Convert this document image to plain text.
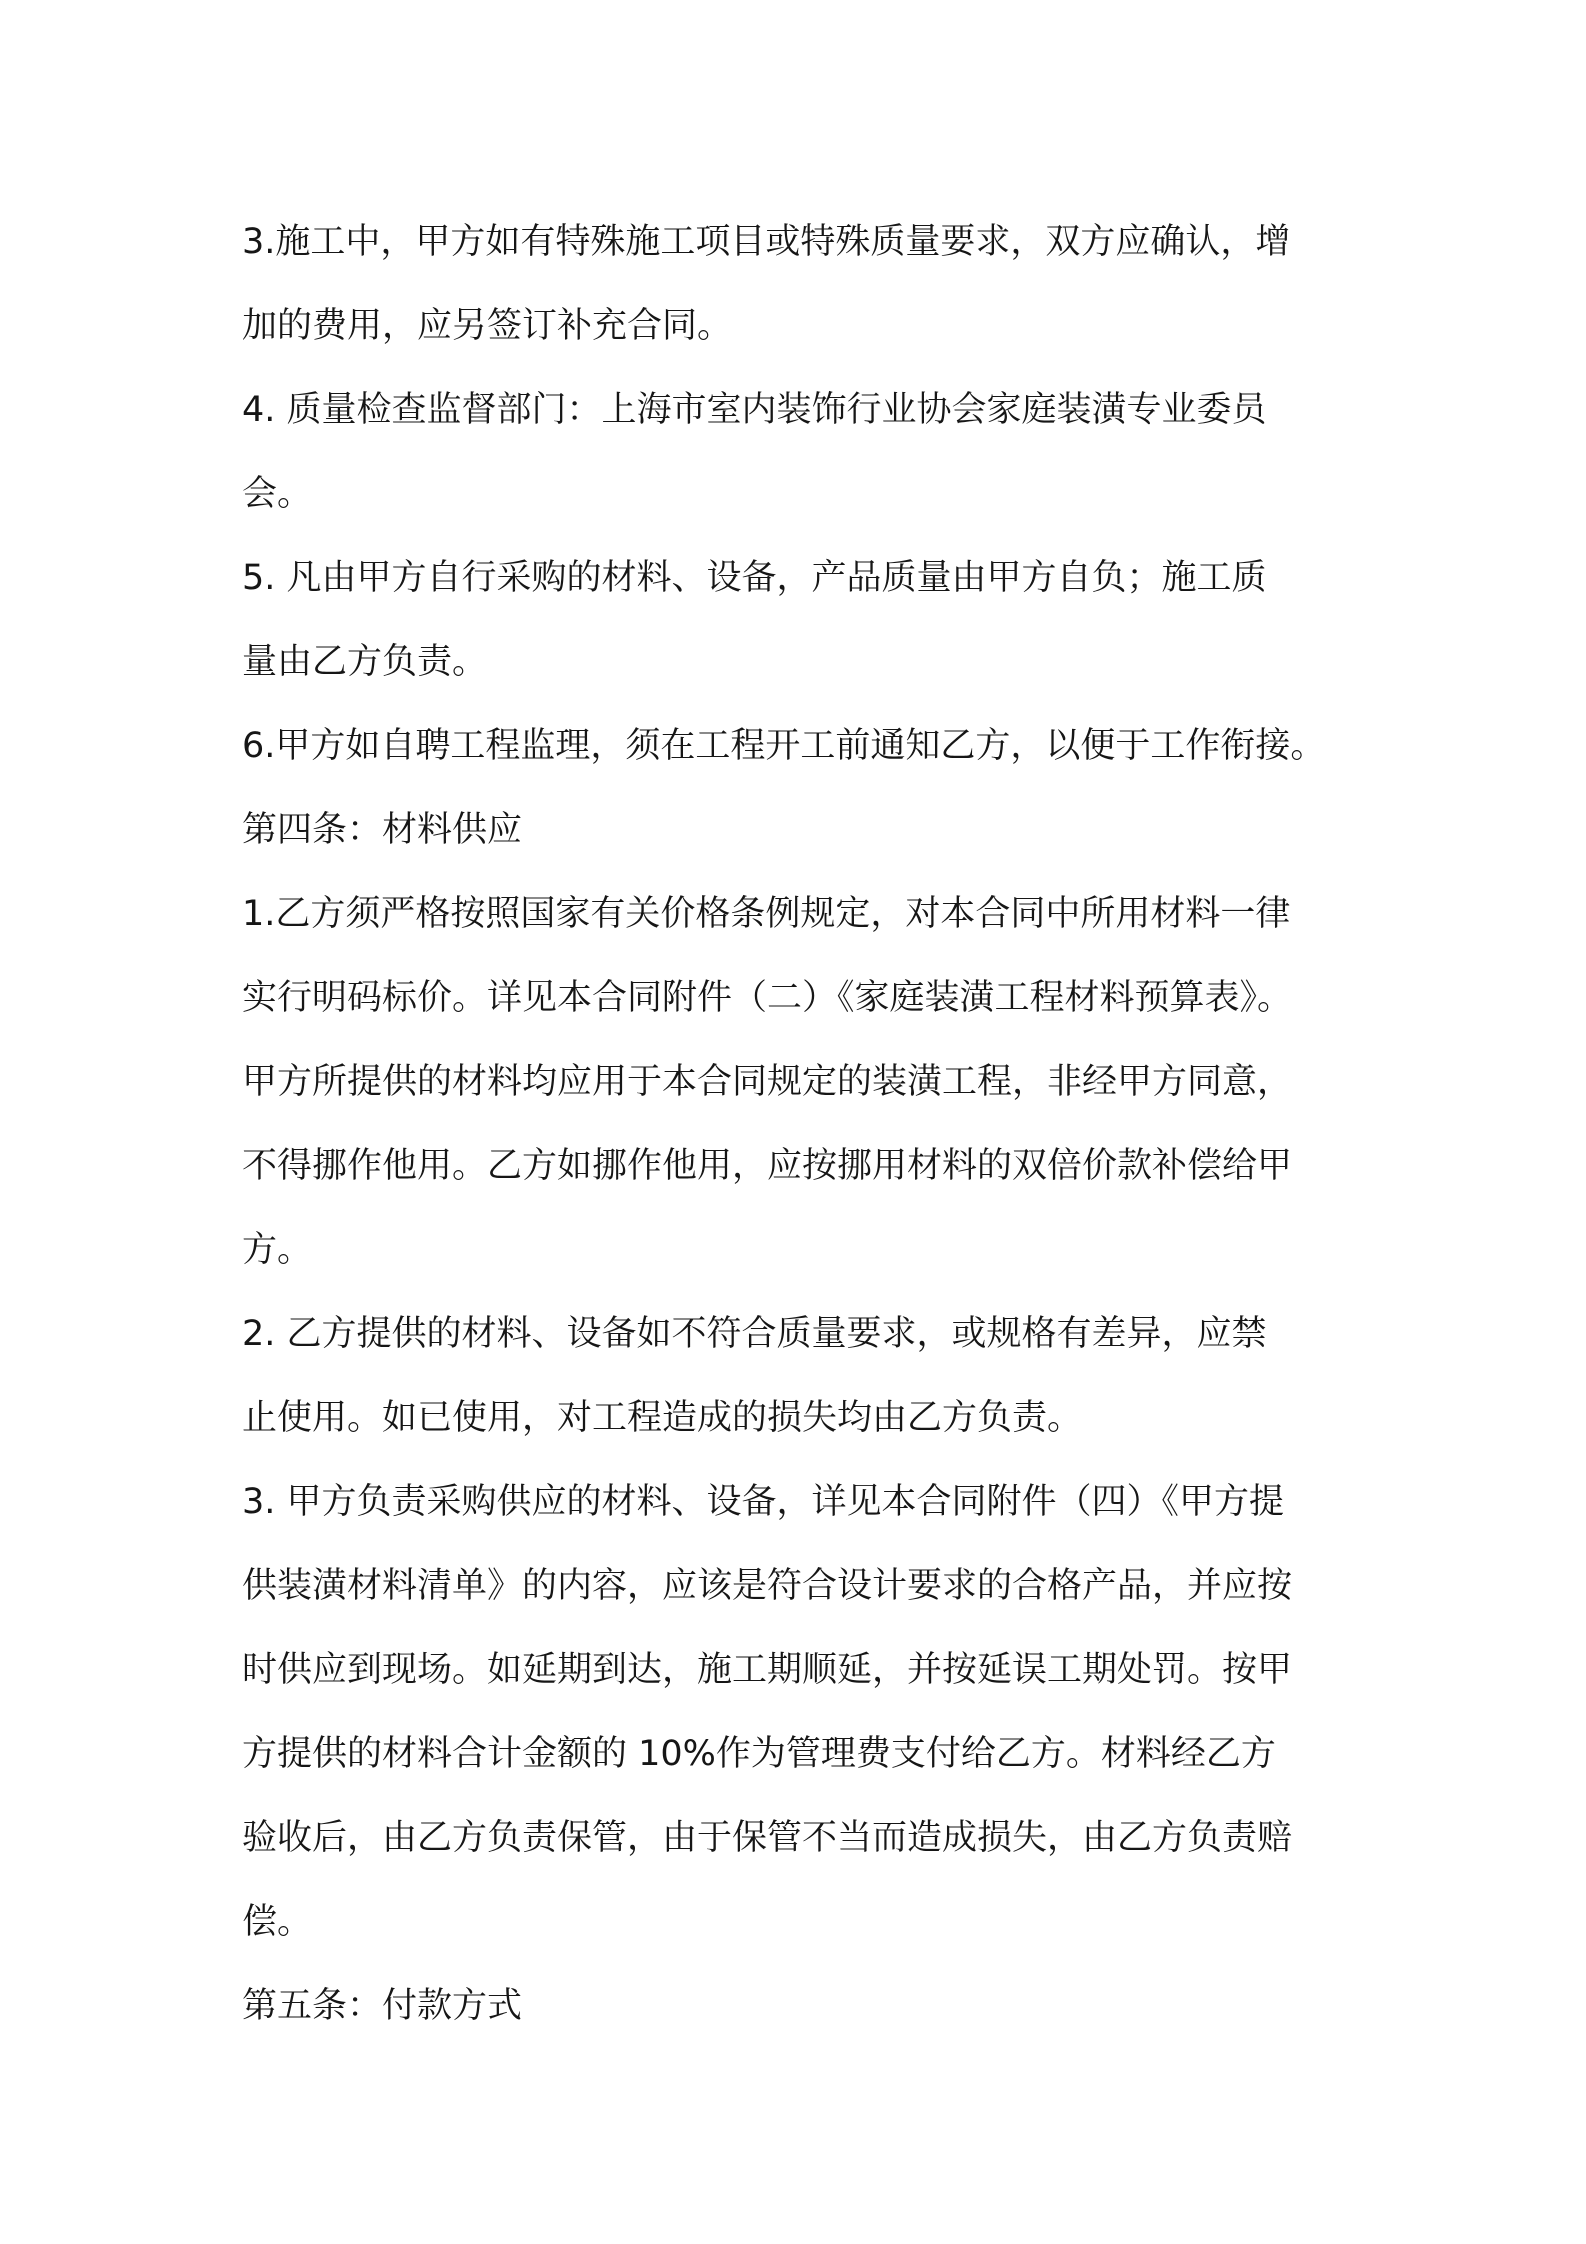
3.施工中，甲方如有特殊施工项目或特殊质量要求，双方应确认，增
加的费用，应另签订补充合同。
4. 质量检查监督部门：上海市室内装饰行业协会家庭装潢专业委员
会。
5. 凡由甲方自行采购的材料、设备，产品质量由甲方自负；施工质
量由乙方负责。
6.甲方如自聘工程监理，须在工程开工前通知乙方，以便于工作衔接。
第四条：材料供应
1.乙方须严格按照国家有关价格条例规定，对本合同中所用材料一律
实行明码标价。详见本合同附件（二）《家庭装潢工程材料预算表》。
甲方所提供的材料均应用于本合同规定的装潢工程，非经甲方同意，
不得挪作他用。乙方如挪作他用，应按挪用材料的双倍价款补偿给甲
方。
2. 乙方提供的材料、设备如不符合质量要求，或规格有差异，应禁
止使用。如已使用，对工程造成的损失均由乙方负责。
3. 甲方负责采购供应的材料、设备，详见本合同附件（四）《甲方提
供装潢材料清单》的内容，应该是符合设计要求的合格产品，并应按
时供应到现场。如延期到达，施工期顺延，并按延误工期处罚。按甲
方提供的材料合计金额的 10%作为管理费支付给乙方。材料经乙方
验收后，由乙方负责保管，由于保管不当而造成损失，由乙方负责赔
偿。
第五条：付款方式
